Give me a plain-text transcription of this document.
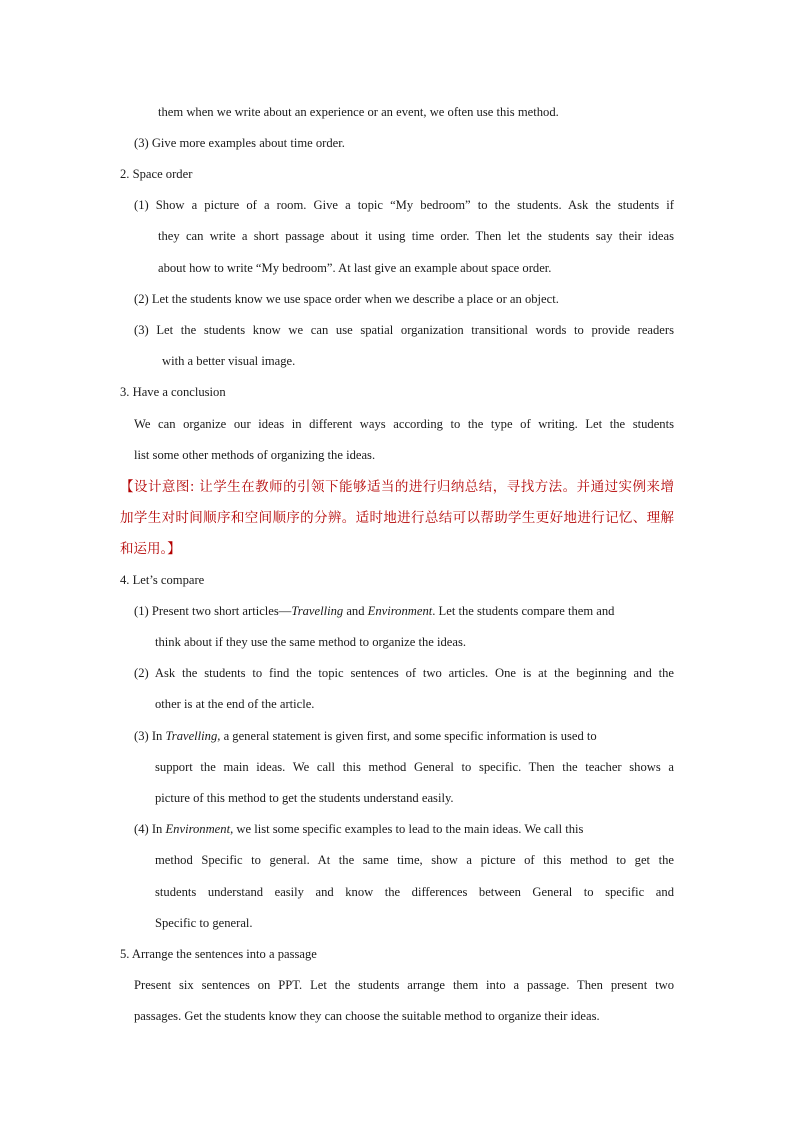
them when we write about an experience or an event, we often use this method.
(3) Give more examples about time order.
2. Space order
(1) Show a picture of a room. Give a topic “My bedroom” to the students. Ask the students if
they can write a short passage about it using time order. Then let the students say their ideas
about how to write “My bedroom”. At last give an example about space order.
(2) Let the students know we use space order when we describe a place or an object.
(3) Let the students know we can use spatial organization transitional words to provide readers
with a better visual image.
3. Have a conclusion
We can organize our ideas in different ways according to the type of writing. Let the students
list some other methods of organizing the ideas.
【设计意图: 让学生在教师的引领下能够适当的进行归纳总结，寻找方法。并通过实例来增
加学生对时间顺序和空间顺序的分辨。适时地进行总结可以帮助学生更好地进行记忆、理解
和运用。】
4. Let’s compare
(1) Present two short articles—Travelling and Environment. Let the students compare them and
think about if they use the same method to organize the ideas.
(2) Ask the students to find the topic sentences of two articles. One is at the beginning and the
other is at the end of the article.
(3) In Travelling, a general statement is given first, and some specific information is used to
support the main ideas. We call this method General to specific. Then the teacher shows a
picture of this method to get the students understand easily.
(4) In Environment, we list some specific examples to lead to the main ideas. We call this
method Specific to general. At the same time, show a picture of this method to get the
students understand easily and know the differences between General to specific and
Specific to general.
5. Arrange the sentences into a passage
Present six sentences on PPT. Let the students arrange them into a passage. Then present two
passages. Get the students know they can choose the suitable method to organize their ideas.
